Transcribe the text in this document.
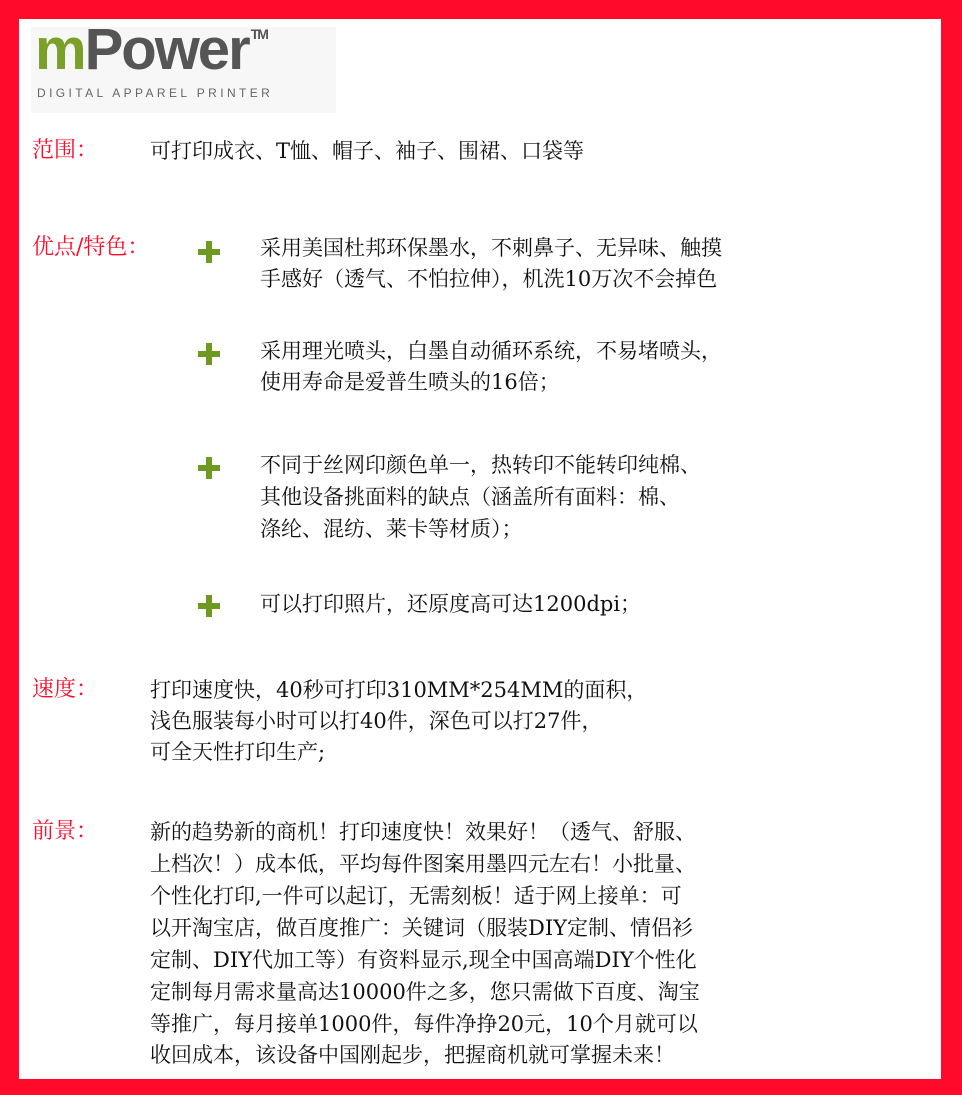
mPower ™
DIGITAL APPAREL PRINTER
范围： 可打印成衣、T恤、帽子、袖子、围裙、口袋等
优点/特色：	采用美国杜邦环保墨水，不刺鼻子、无异味、触摸
手感好（透气、不怕拉伸），机洗10万次不会掉色
采用理光喷头，白墨自动循环系统，不易堵喷头，
使用寿命是爱普生喷头的16倍；
不同于丝网印颜色单一，热转印不能转印纯棉、
其他设备挑面料的缺点（涵盖所有面料：棉、
涤纶、混纺、莱卡等材质）；
可以打印照片，还原度高可达1200dpi；
速度： 打印速度快，40秒可打印310MM*254MM的面积，
浅色服装每小时可以打40件，深色可以打27件，
可全天性打印生产;
前景： 新的趋势新的商机！打印速度快！效果好！（透气、舒服、
上档次！）成本低，平均每件图案用墨四元左右！小批量、
个性化打印,一件可以起订，无需刻板！适于网上接单：可
以开淘宝店，做百度推广：关键词（服装DIY定制、情侣衫
定制、DIY代加工等）有资料显示,现全中国高端DIY个性化
定制每月需求量高达10000件之多，您只需做下百度、淘宝
等推广，每月接单1000件，每件净挣20元，10个月就可以
收回成本，该设备中国刚起步，把握商机就可掌握未来！
